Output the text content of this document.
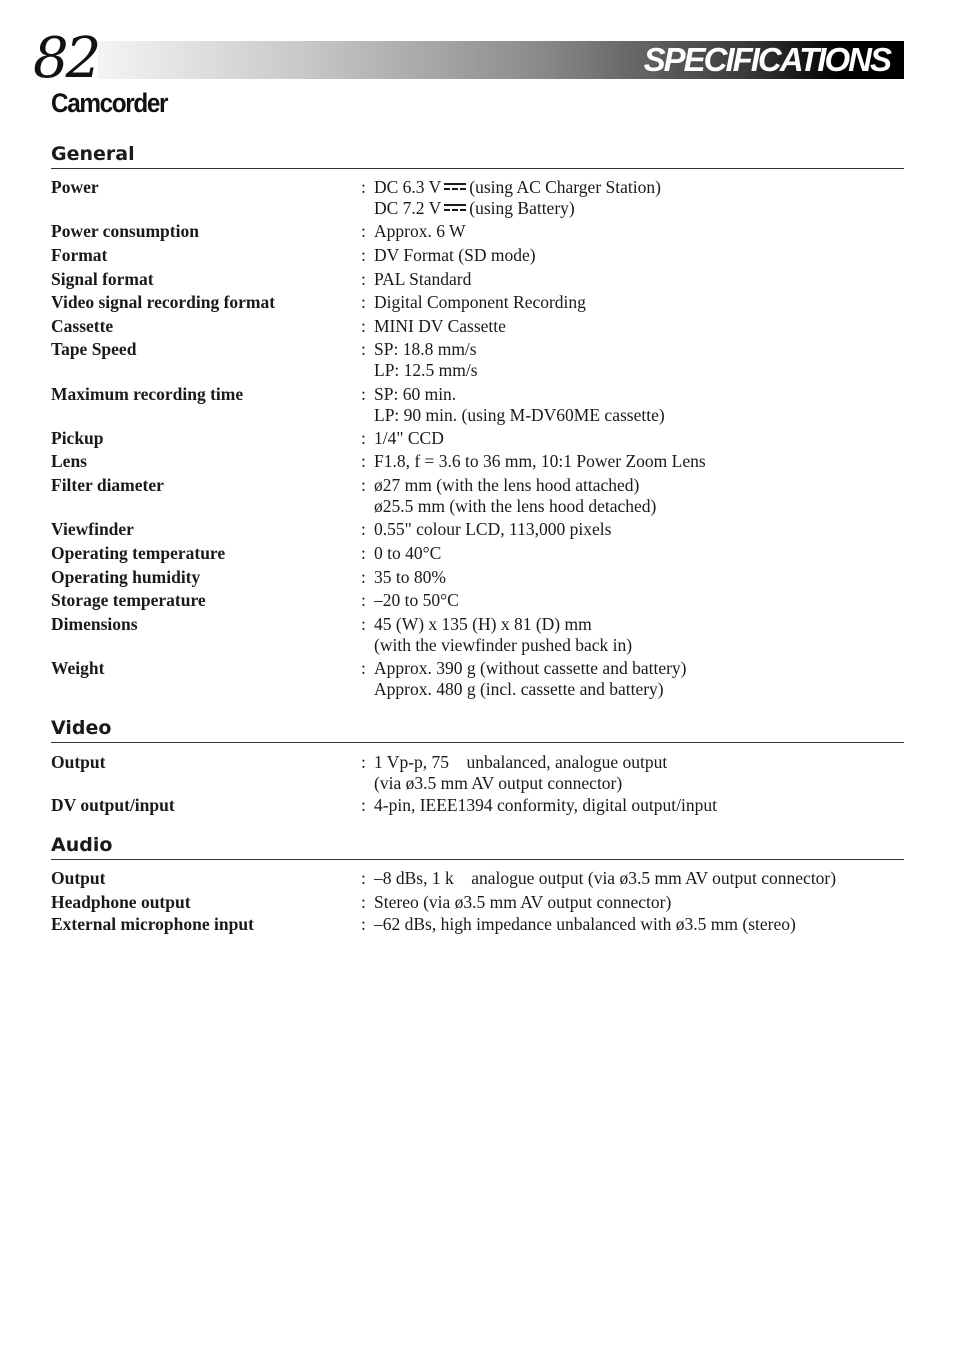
82	SPECIFICATIONS
Camcorder
General
Power	: DC 6.3 V (using AC Charger Station)
DC 7.2 V (using Battery)
Power consumption	: Approx. 6 W
Format	: DV Format (SD mode)
Signal format	: PAL Standard
Video signal recording format	: Digital Component Recording
Cassette	: MINI DV Cassette
Tape Speed	: SP: 18.8 mm/s
LP: 12.5 mm/s
Maximum recording time	: SP: 60 min.
LP: 90 min. (using M-DV60ME cassette)
Pickup	: 1/4" CCD
Lens	: F1.8, f = 3.6 to 36 mm, 10:1 Power Zoom Lens
Filter diameter	: ø27 mm (with the lens hood attached)
ø25.5 mm (with the lens hood detached)
Viewfinder	: 0.55" colour LCD, 113,000 pixels
Operating temperature	: 0 to 40°C
Operating humidity	: 35 to 80%
Storage temperature	: –20 to 50°C
Dimensions	: 45 (W) x 135 (H) x 81 (D) mm
(with the viewfinder pushed back in)
Weight	: Approx. 390 g (without cassette and battery)
Approx. 480 g (incl. cassette and battery)
Video
Output	: 1 Vp-p, 75    unbalanced, analogue output
(via ø3.5 mm AV output connector)
DV output/input	: 4-pin, IEEE1394 conformity, digital output/input
Audio
Output	: –8 dBs, 1 k    analogue output (via ø3.5 mm AV output connector)
Headphone output	: Stereo (via ø3.5 mm AV output connector)
External microphone input	: –62 dBs, high impedance unbalanced with ø3.5 mm (stereo)
